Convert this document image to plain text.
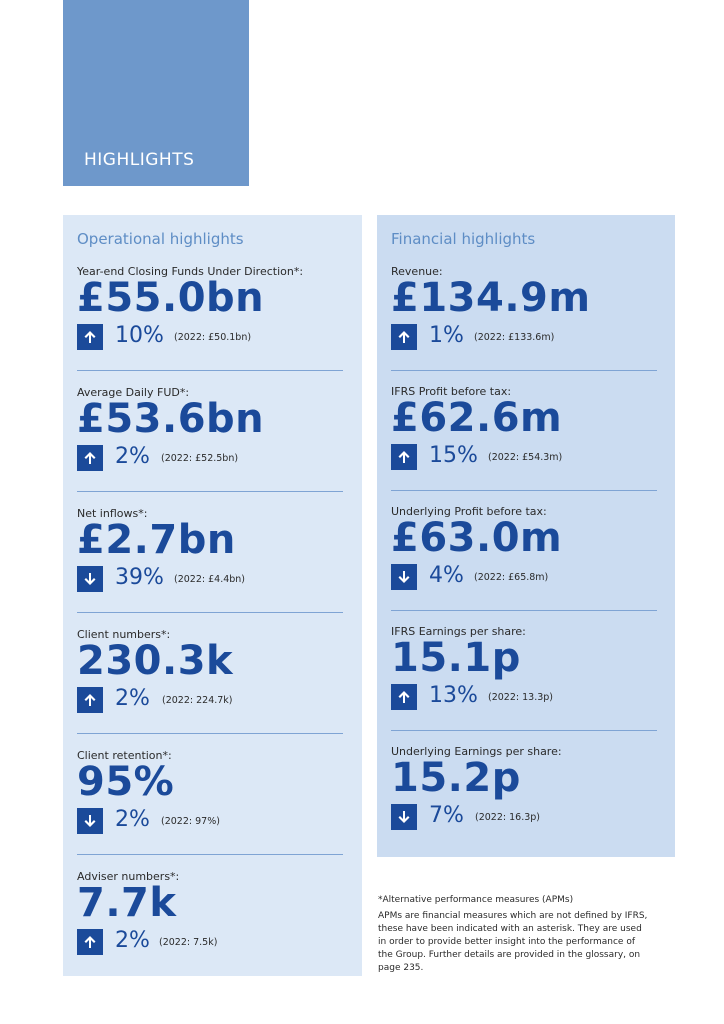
HIGHLIGHTS
Operational highlights
Year-end Closing Funds Under Direction*:
£55.0bn
10% (2022: £50.1bn)
Average Daily FUD*:
£53.6bn
2% (2022: £52.5bn)
Net inflows*:
£2.7bn
39% (2022: £4.4bn)
Client numbers*:
230.3k
2% (2022: 224.7k)
Client retention*:
95%
2% (2022: 97%)
Adviser numbers*:
7.7k
2% (2022: 7.5k)
Financial highlights
Revenue:
£134.9m
1% (2022: £133.6m)
IFRS Profit before tax:
£62.6m
15% (2022: £54.3m)
Underlying Profit before tax:
£63.0m
4% (2022: £65.8m)
IFRS Earnings per share:
15.1p
13% (2022: 13.3p)
Underlying Earnings per share:
15.2p
7% (2022: 16.3p)
*Alternative performance measures (APMs)
APMs are financial measures which are not defined by IFRS,
these have been indicated with an asterisk. They are used
in order to provide better insight into the performance of
the Group. Further details are provided in the glossary, on
page 235.
